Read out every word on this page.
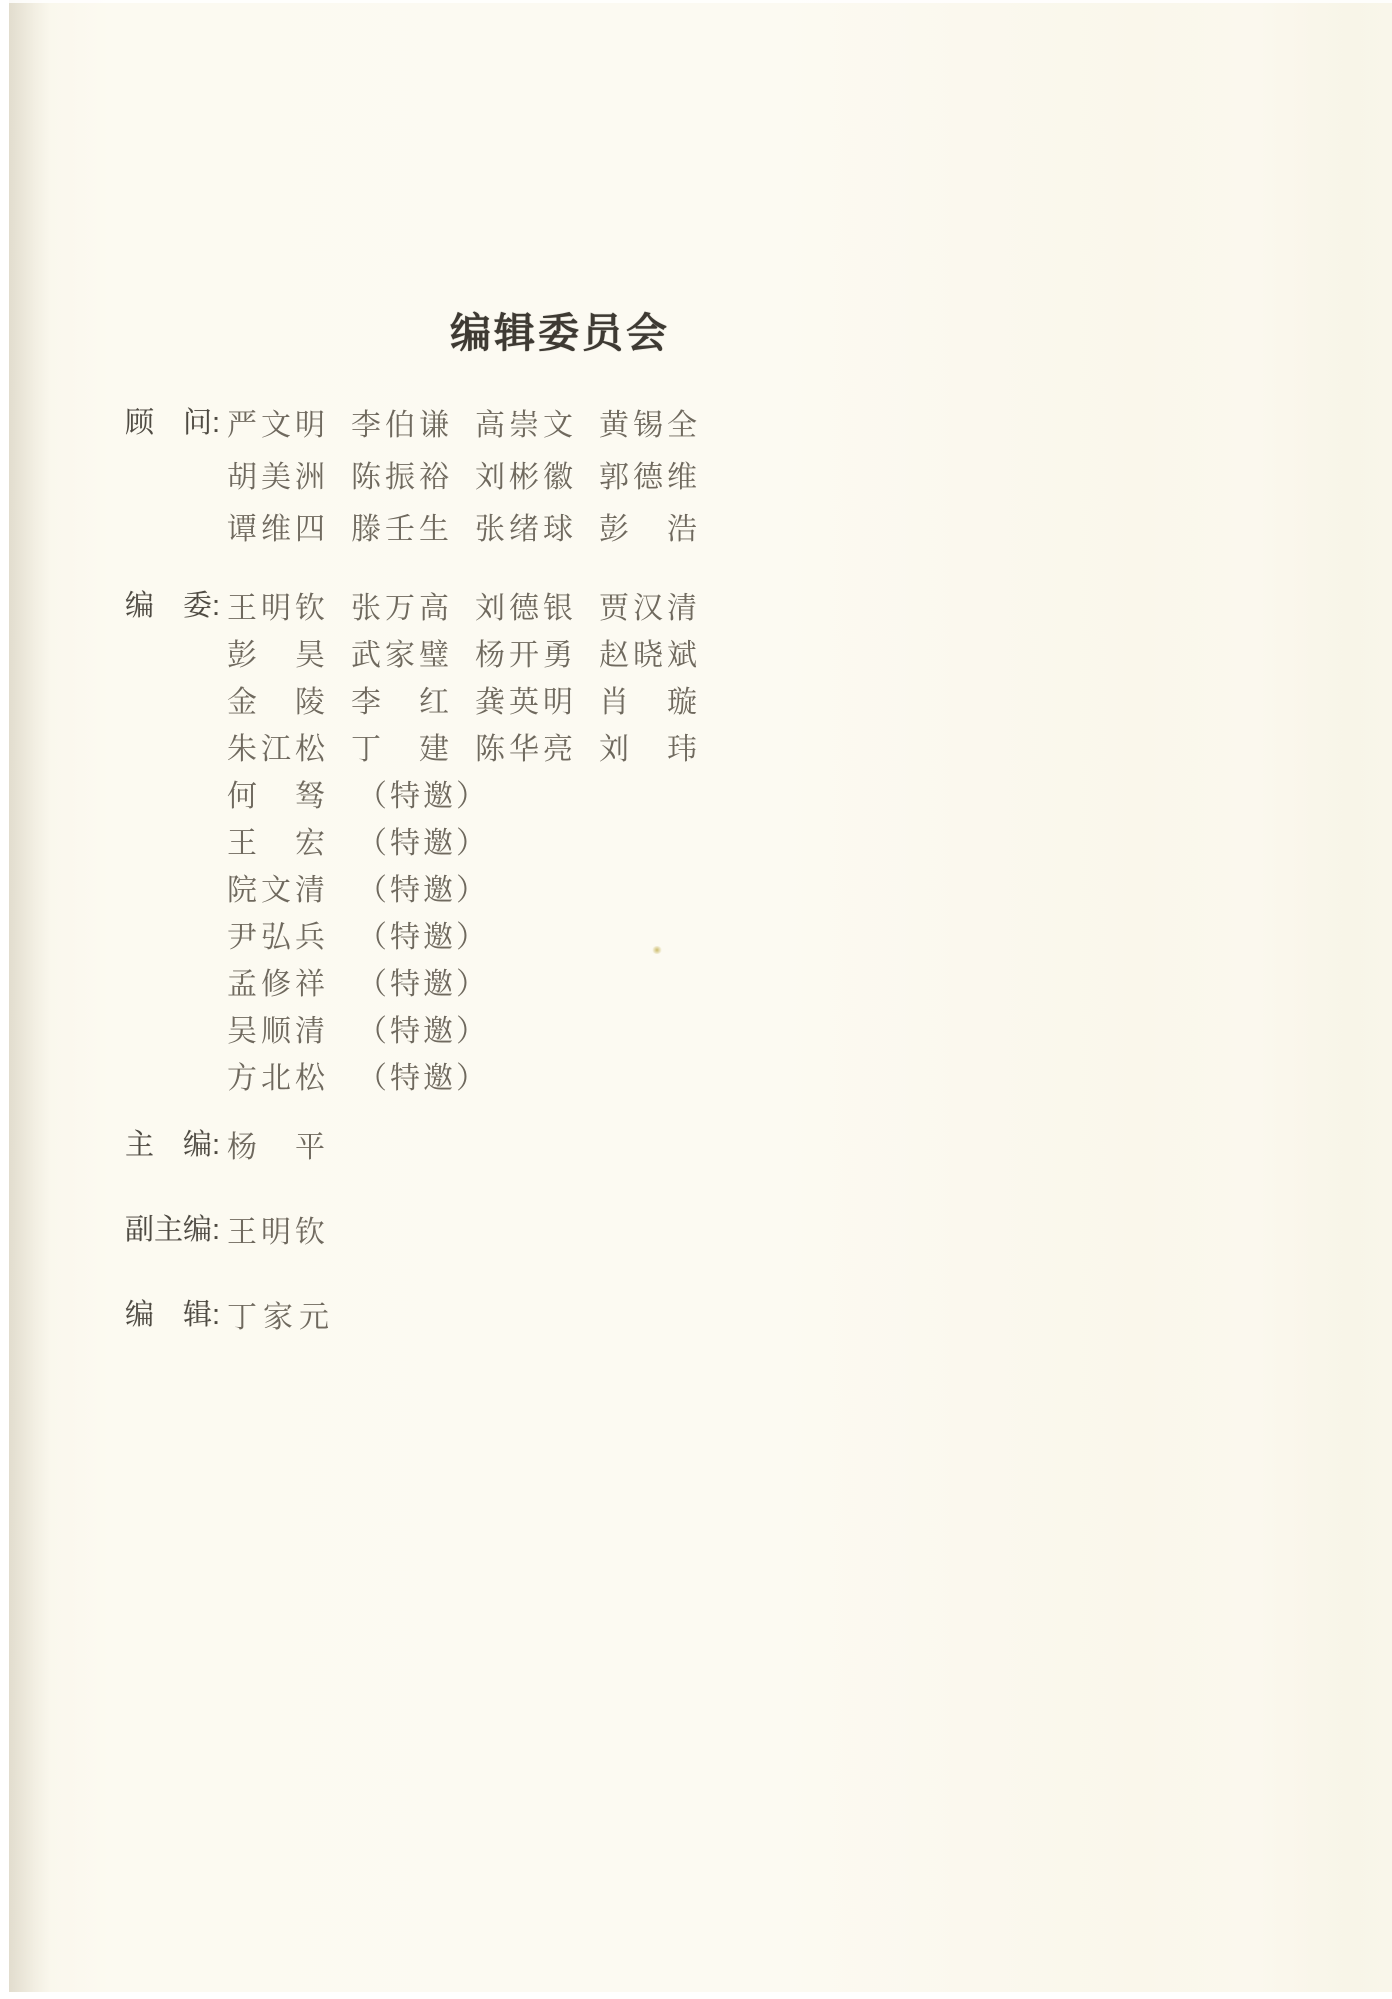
编辑委员会
顾　问: 严文明 李伯谦 高崇文 黄锡全
胡美洲 陈振裕 刘彬徽 郭德维
谭维四 滕壬生 张绪球 彭　浩
编　委: 王明钦 张万高 刘德银 贾汉清
彭　昊 武家璧 杨开勇 赵晓斌
金　陵 李　红 龚英明 肖　璇
朱江松 丁　建 陈华亮 刘　玮
何　驽 （特邀）
王　宏 （特邀）
院文清 （特邀）
尹弘兵 （特邀）
孟修祥 （特邀）
吴顺清 （特邀）
方北松 （特邀）
主　编: 杨　平
副主编: 王明钦
编　辑: 丁家元
